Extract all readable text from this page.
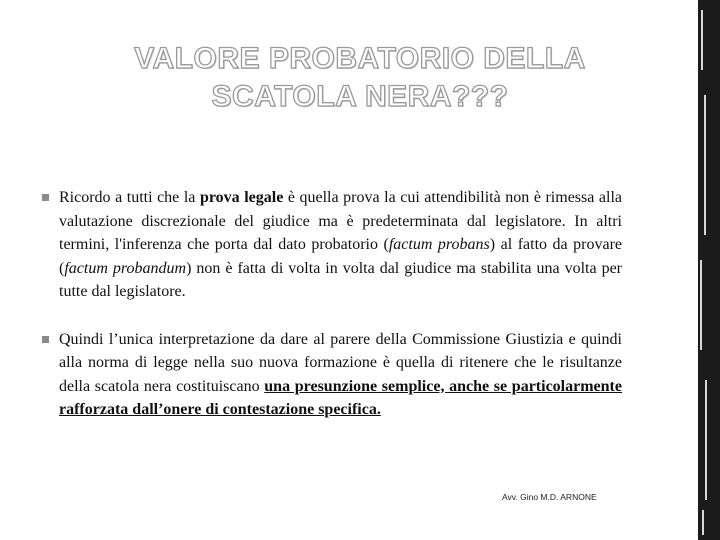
VALORE PROBATORIO DELLA
SCATOLA NERA???
Ricordo a tutti che la prova legale è quella prova la cui attendibilità non è rimessa alla valutazione discrezionale del giudice ma è predeterminata dal legislatore. In altri termini, l'inferenza che porta dal dato probatorio (factum probans) al fatto da provare (factum probandum) non è fatta di volta in volta dal giudice ma stabilita una volta per tutte dal legislatore.
Quindi l’unica interpretazione da dare al parere della Commissione Giustizia e quindi alla norma di legge nella suo nuova formazione è quella di ritenere che le risultanze della scatola nera costituiscano una presunzione semplice, anche se particolarmente rafforzata dall’onere di contestazione specifica.
Avv. Gino M.D. ARNONE
